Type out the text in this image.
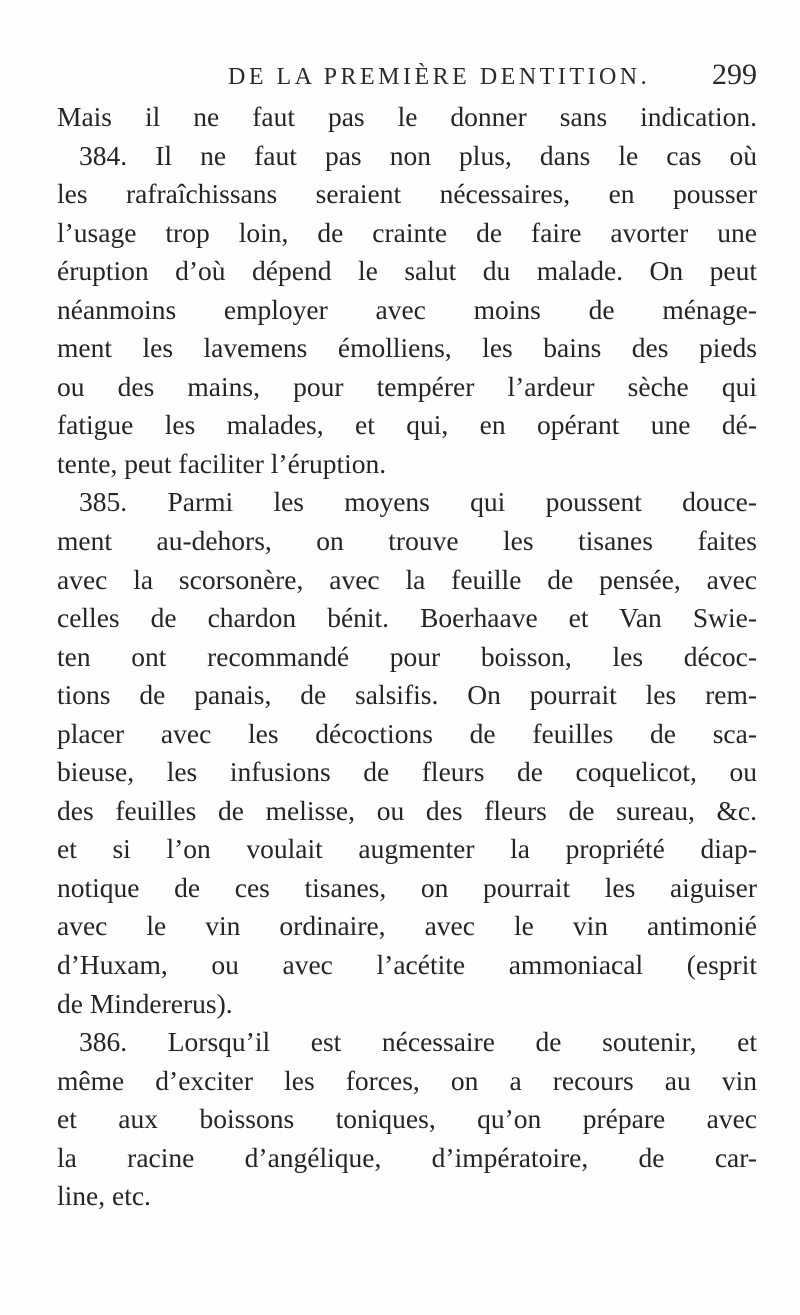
DE LA PREMIÈRE DENTITION. 299
Mais il ne faut pas le donner sans indication.
384. Il ne faut pas non plus, dans le cas où
les rafraîchissans seraient nécessaires, en pousser
l’usage trop loin, de crainte de faire avorter une
éruption d’où dépend le salut du malade. On peut
néanmoins employer avec moins de ménage-
ment les lavemens émolliens, les bains des pieds
ou des mains, pour tempérer l’ardeur sèche qui
fatigue les malades, et qui, en opérant une dé-
tente, peut faciliter l’éruption.
385. Parmi les moyens qui poussent douce-
ment au-dehors, on trouve les tisanes faites
avec la scorsonère, avec la feuille de pensée, avec
celles de chardon bénit. Boerhaave et Van Swie-
ten ont recommandé pour boisson, les décoc-
tions de panais, de salsifis. On pourrait les rem-
placer avec les décoctions de feuilles de sca-
bieuse, les infusions de fleurs de coquelicot, ou
des feuilles de melisse, ou des fleurs de sureau, &c.
et si l’on voulait augmenter la propriété diap-
notique de ces tisanes, on pourrait les aiguiser
avec le vin ordinaire, avec le vin antimonié
d’Huxam, ou avec l’acétite ammoniacal (esprit
de Mindererus).
386. Lorsqu’il est nécessaire de soutenir, et
même d’exciter les forces, on a recours au vin
et aux boissons toniques, qu’on prépare avec
la racine d’angélique, d’impératoire, de car-
line, etc.
